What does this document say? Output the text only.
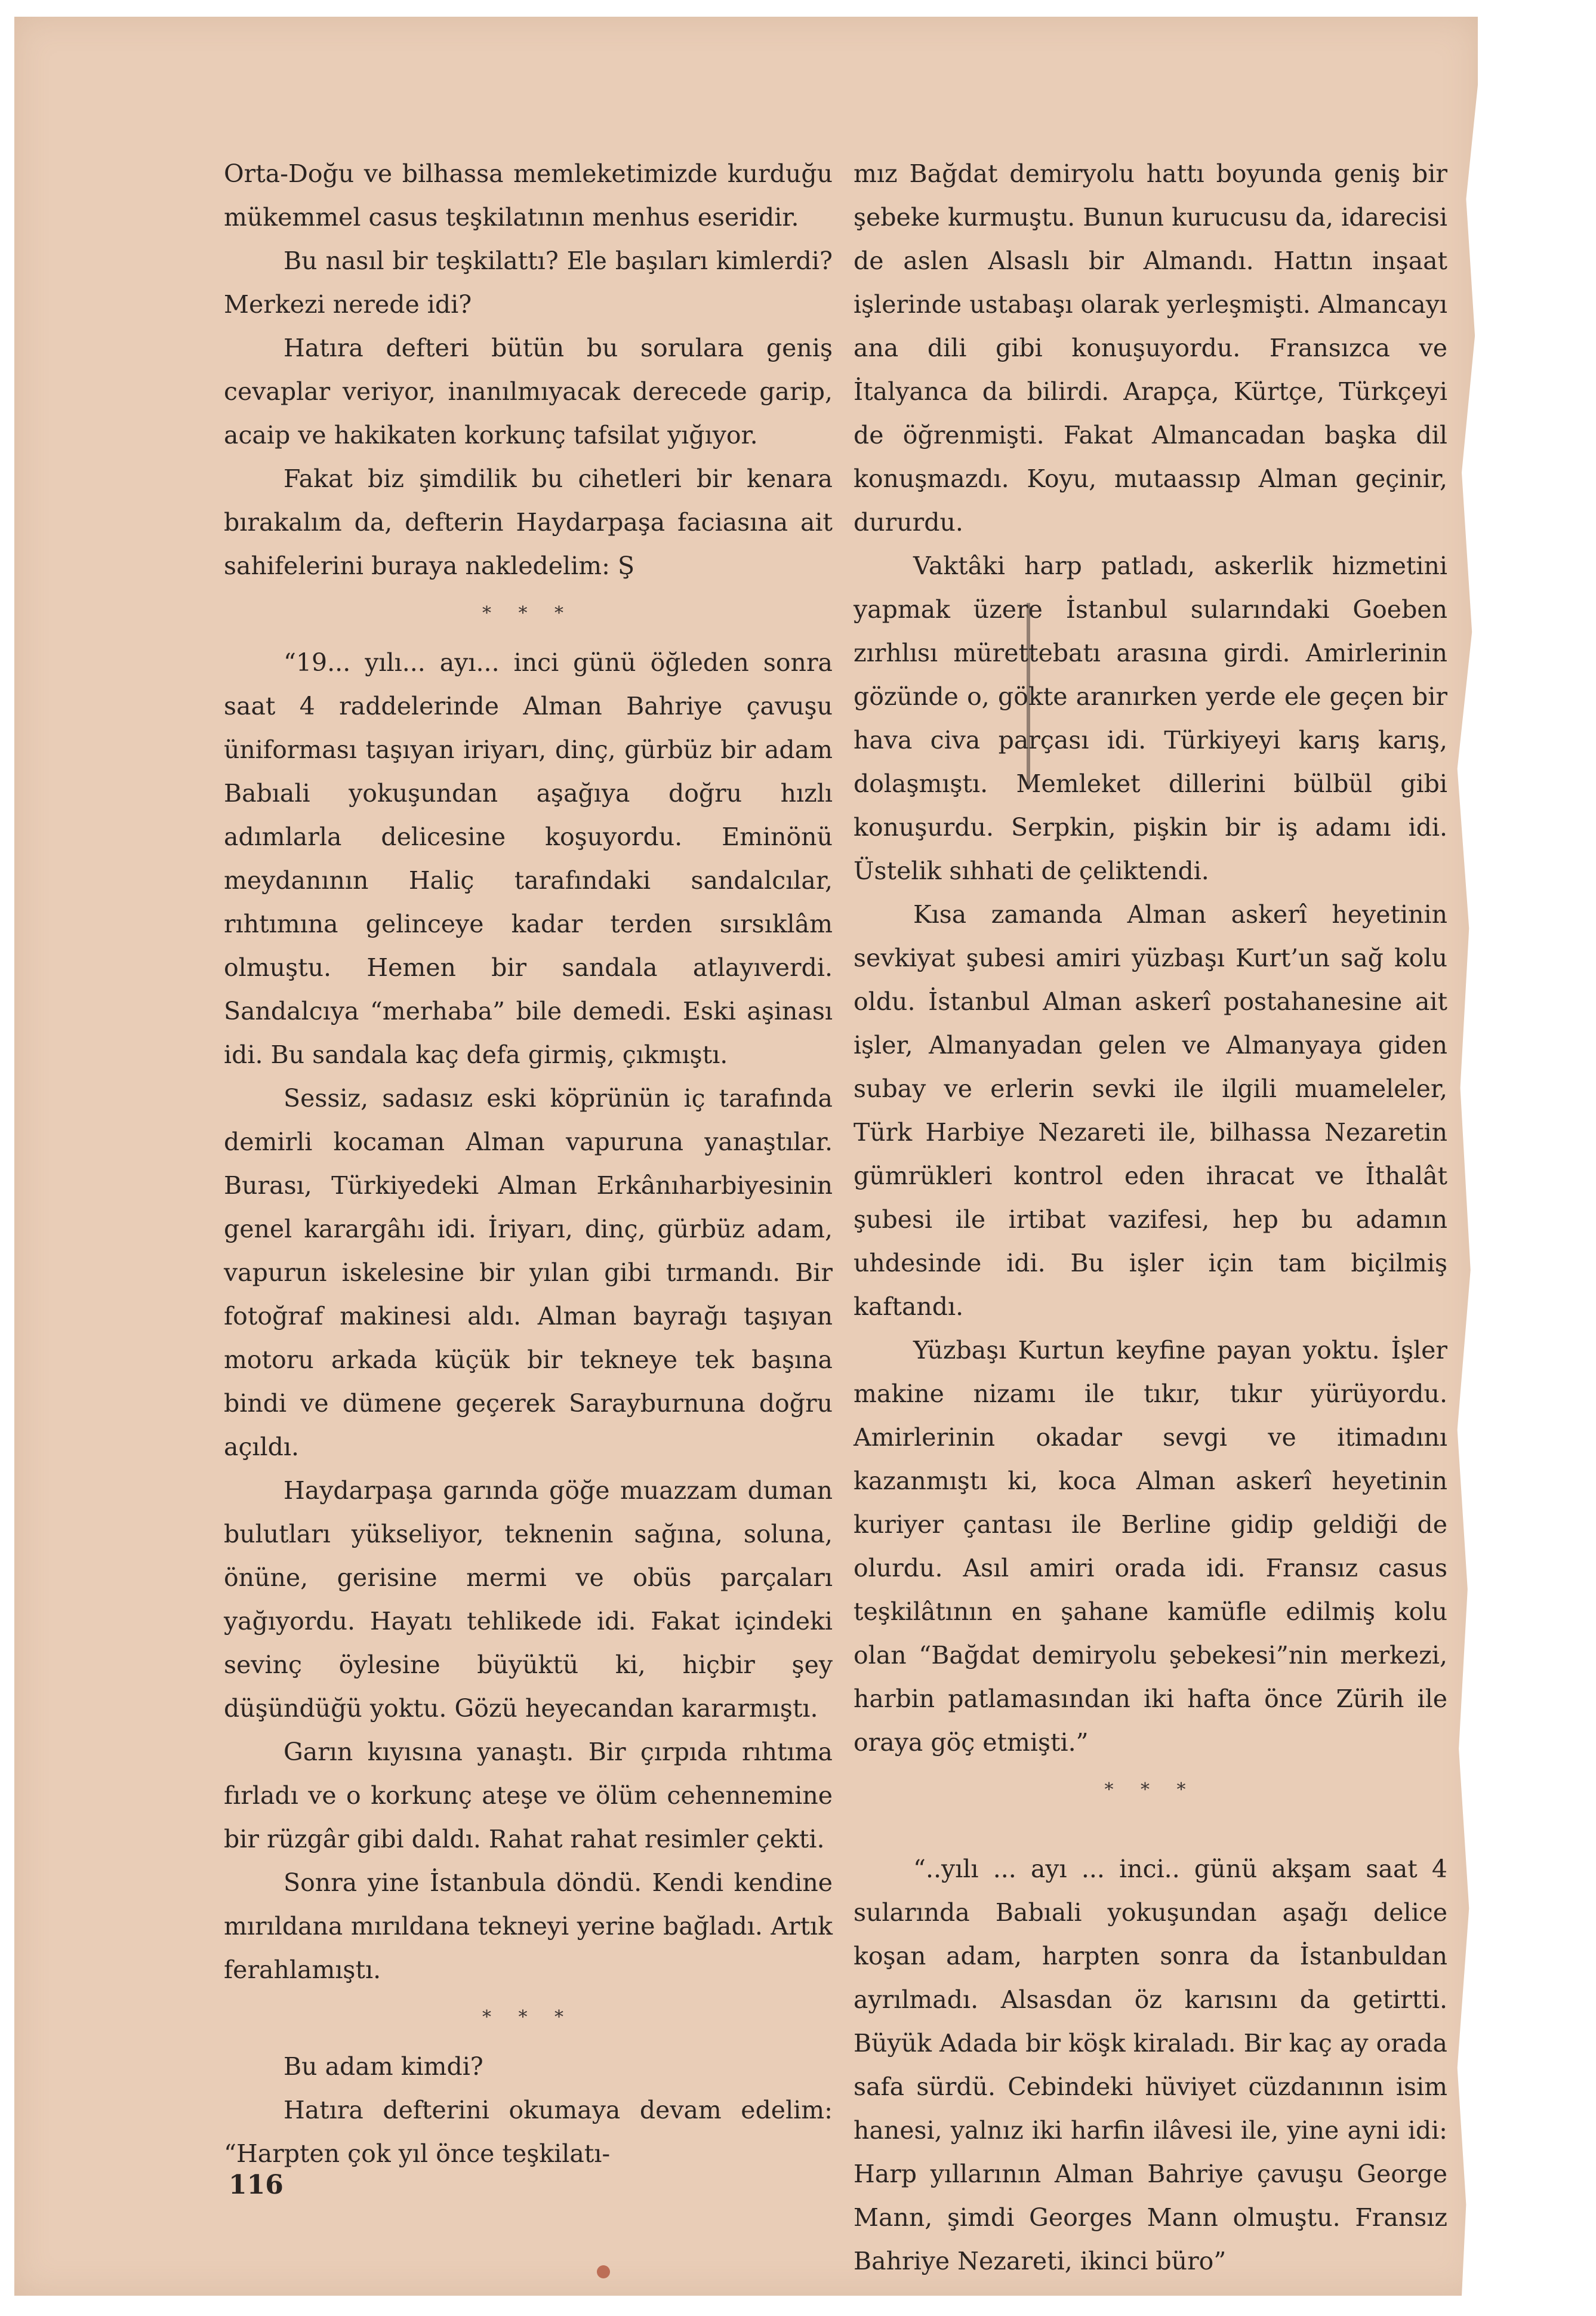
Orta-Doğu ve bilhassa memleketimizde kurduğu mükemmel casus teşkilatının menhus eseridir.

Bu nasıl bir teşkilattı? Ele başıları kimlerdi? Merkezi nerede idi?

Hatıra defteri bütün bu sorulara geniş cevaplar veriyor, inanılmıyacak derecede garip, acaip ve hakikaten korkunç tafsilat yığıyor.

Fakat biz şimdilik bu cihetleri bir kenara bırakalım da, defterin Haydarpaşa faciasına ait sahifelerini buraya nakledelim: Ş

* * *

“19... yılı... ayı... inci günü öğleden sonra saat 4 raddelerinde Alman Bahriye çavuşu üniforması taşıyan iriyarı, dinç, gürbüz bir adam Babıali yokuşundan aşağıya doğru hızlı adımlarla delicesine koşuyordu. Eminönü meydanının Haliç tarafındaki sandalcılar, rıhtımına gelinceye kadar terden sırsıklâm olmuştu. Hemen bir sandala atlayıverdi. Sandalcıya “merhaba” bile demedi. Eski aşinası idi. Bu sandala kaç defa girmiş, çıkmıştı.

Sessiz, sadasız eski köprünün iç tarafında demirli kocaman Alman vapuruna yanaştılar. Burası, Türkiyedeki Alman Erkânıharbiyesinin genel karargâhı idi. İriyarı, dinç, gürbüz adam, vapurun iskelesine bir yılan gibi tırmandı. Bir fotoğraf makinesi aldı. Alman bayrağı taşıyan motoru arkada küçük bir tekneye tek başına bindi ve dümene geçerek Sarayburnuna doğru açıldı.

Haydarpaşa garında göğe muazzam duman bulutları yükseliyor, teknenin sağına, soluna, önüne, gerisine mermi ve obüs parçaları yağıyordu. Hayatı tehlikede idi. Fakat içindeki sevinç öylesine büyüktü ki, hiçbir şey düşündüğü yoktu. Gözü heyecandan kararmıştı.

Garın kıyısına yanaştı. Bir çırpıda rıhtıma fırladı ve o korkunç ateşe ve ölüm cehennemine bir rüzgâr gibi daldı. Rahat rahat resimler çekti.

Sonra yine İstanbula döndü. Kendi kendine mırıldana mırıldana tekneyi yerine bağladı. Artık ferahlamıştı.

* * *

Bu adam kimdi?

Hatıra defterini okumaya devam edelim: “Harpten çok yıl önce teşkilatı-

mız Bağdat demiryolu hattı boyunda geniş bir şebeke kurmuştu. Bunun kurucusu da, idarecisi de aslen Alsaslı bir Almandı. Hattın inşaat işlerinde ustabaşı olarak yerleşmişti. Almancayı ana dili gibi konuşuyordu. Fransızca ve İtalyanca da bilirdi. Arapça, Kürtçe, Türkçeyi de öğrenmişti. Fakat Almancadan başka dil konuşmazdı. Koyu, mutaassıp Alman geçinir, dururdu.

Vaktâki harp patladı, askerlik hizmetini yapmak üzere İstanbul sularındaki Goeben zırhlısı mürettebatı arasına girdi. Amirlerinin gözünde o, gökte aranırken yerde ele geçen bir hava civa parçası idi. Türkiyeyi karış karış, dolaşmıştı. Memleket dillerini bülbül gibi konuşurdu. Serpkin, pişkin bir iş adamı idi. Üstelik sıhhati de çeliktendi.

Kısa zamanda Alman askerî heyetinin sevkiyat şubesi amiri yüzbaşı Kurt’un sağ kolu oldu. İstanbul Alman askerî postahanesine ait işler, Almanyadan gelen ve Almanyaya giden subay ve erlerin sevki ile ilgili muameleler, Türk Harbiye Nezareti ile, bilhassa Nezaretin gümrükleri kontrol eden ihracat ve İthalât şubesi ile irtibat vazifesi, hep bu adamın uhdesinde idi. Bu işler için tam biçilmiş kaftandı.

Yüzbaşı Kurtun keyfine payan yoktu. İşler makine nizamı ile tıkır, tıkır yürüyordu. Amirlerinin okadar sevgi ve itimadını kazanmıştı ki, koca Alman askerî heyetinin kuriyer çantası ile Berline gidip geldiği de olurdu. Asıl amiri orada idi. Fransız casus teşkilâtının en şahane kamüfle edilmiş kolu olan “Bağdat demiryolu şebekesi”nin merkezi, harbin patlamasından iki hafta önce Zürih ile oraya göç etmişti.”

* * *

“..yılı ... ayı ... inci.. günü akşam saat 4 sularında Babıali yokuşundan aşağı delice koşan adam, harpten sonra da İstanbuldan ayrılmadı. Alsasdan öz karısını da getirtti. Büyük Adada bir köşk kiraladı. Bir kaç ay orada safa sürdü. Cebindeki hüviyet cüzdanının isim hanesi, yalnız iki harfin ilâvesi ile, yine ayni idi: Harp yıllarının Alman Bahriye çavuşu George Mann, şimdi Georges Mann olmuştu. Fransız Bahriye Nezareti, ikinci büro”

116
